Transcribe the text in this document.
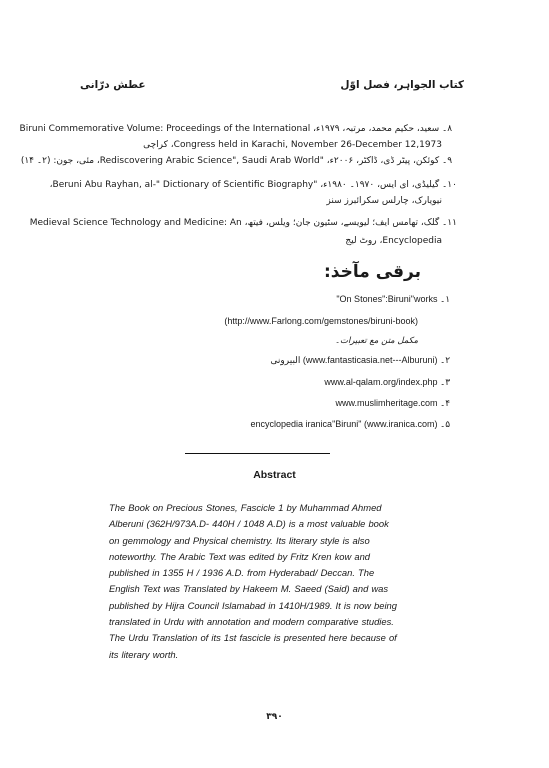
عطش درّانی	کتاب الجواہر، فصل اوّل
۸۔ سعید، حکیم محمد، مرتبہ، ۱۹۷۹ء، Biruni Commemorative Volume: Proceedings of the International
Congress held in Karachi, November 26-December 12,1973، کراچی
۹۔ کوئکن، پیٹر ڈی، ڈاکٹر، ۲۰۰۶ء، "Rediscovering Arabic Science", Saudi Arab World، مئی، جون: (۲۔ ۱۴)
۱۰۔ گیلیڈی، ای ایس، ۱۹۷۰۔ ۱۹۸۰ء، "Beruni Abu Rayhan, al-" Dictionary of Scientific Biography،
نیویارک، چارلس سکرائبرز سنز
۱۱۔ گلک، تھامس ایف؛ لیویسے، سٹیون جان؛ ویلس، فیتھ، Medieval Science Technology and Medicine: An
Encyclopedia، روٹ لیج
برقی مآخذ:
۱۔ "On Stones":Biruni"works
(http://www.Farlong.com/gemstones/biruni-book)
مکمل متن مع تعبیرات۔
۲۔ البیرونی (www.fantasticasia.net---Alburuni)
۳۔ www.al-qalam.org/index.php
۴۔ www.muslimheritage.com
۵۔ encyclopedia iranica"Biruni" (www.iranica.com)
Abstract
The Book on Precious Stones, Fascicle 1 by Muhammad Ahmed
Alberuni (362H/973A.D- 440H / 1048 A.D) is a most valuable book
on gemmology and Physical chemistry. Its literary style is also
noteworthy. The Arabic Text was edited by Fritz Kren kow and
published in 1355 H / 1936 A.D. from Hyderabad/ Deccan. The
English Text was Translated by Hakeem M. Saeed (Said) and was
published by Hijra Council Islamabad in 1410H/1989. It is now being
translated in Urdu with annotation and modern comparative studies.
The Urdu Translation of its 1st fascicle is presented here because of
its literary worth.
۳۹۰
